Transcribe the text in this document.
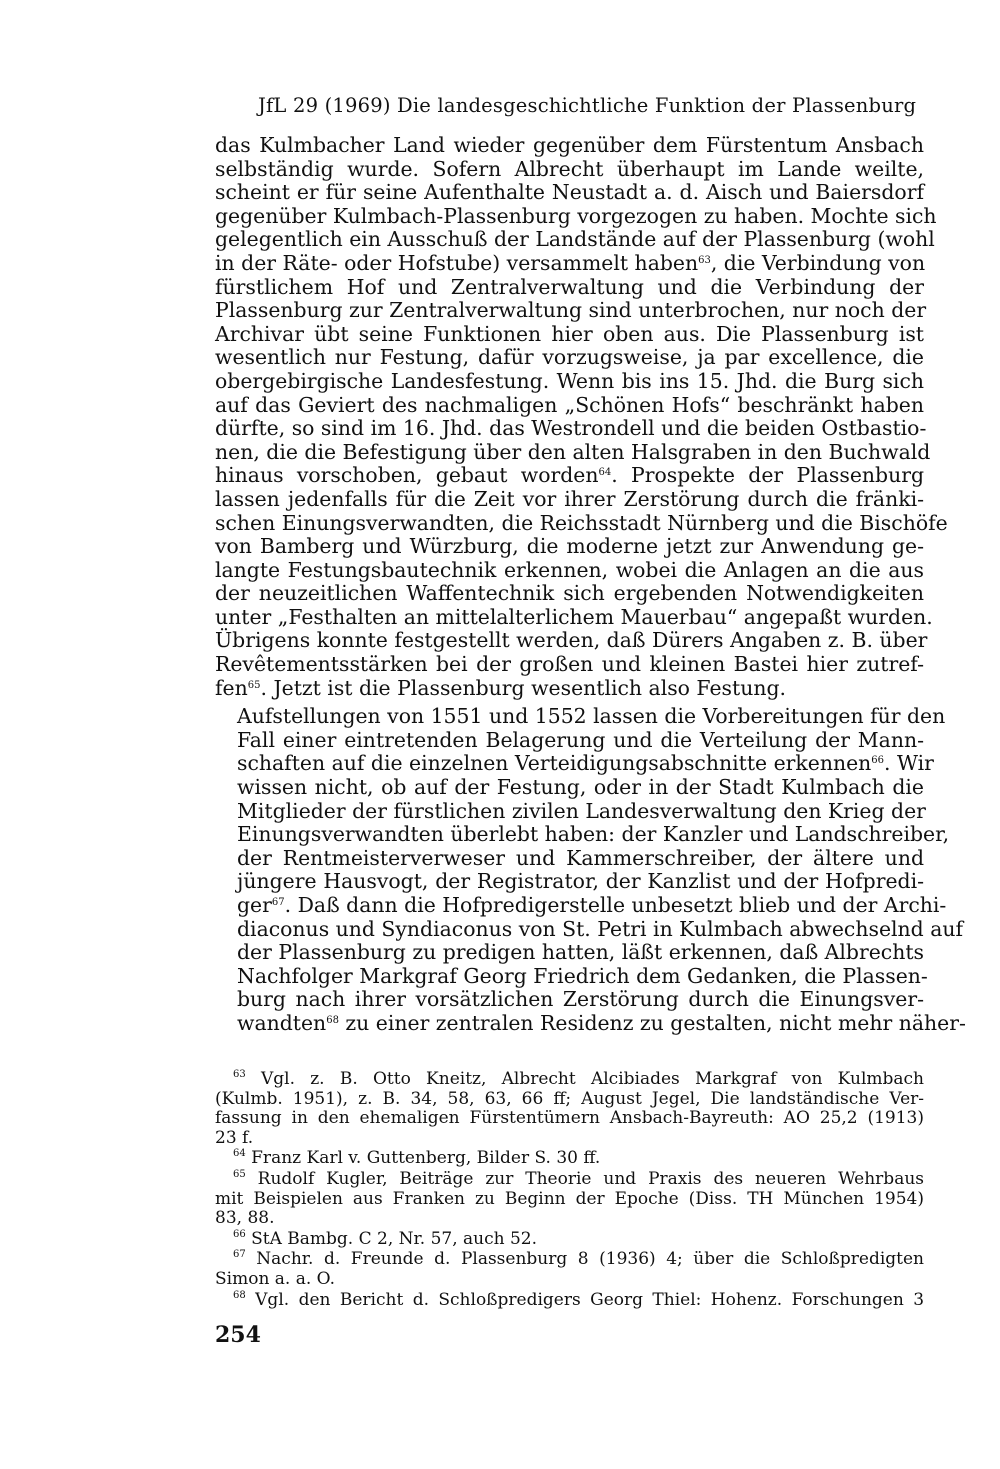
JfL 29 (1969) Die landesgeschichtliche Funktion der Plassenburg

das Kulmbacher Land wieder gegenüber dem Fürstentum Ansbach
selbständig wurde. Sofern Albrecht überhaupt im Lande weilte,
scheint er für seine Aufenthalte Neustadt a. d. Aisch und Baiersdorf
gegenüber Kulmbach-Plassenburg vorgezogen zu haben. Mochte sich
gelegentlich ein Ausschuß der Landstände auf der Plassenburg (wohl
in der Räte- oder Hofstube) versammelt haben$^{63}$, die Verbindung von
fürstlichem Hof und Zentralverwaltung und die Verbindung der
Plassenburg zur Zentralverwaltung sind unterbrochen, nur noch der
Archivar übt seine Funktionen hier oben aus. Die Plassenburg ist
wesentlich nur Festung, dafür vorzugsweise, ja par excellence, die
obergebirgische Landesfestung. Wenn bis ins 15. Jhd. die Burg sich
auf das Geviert des nachmaligen „Schönen Hofs“ beschränkt haben
dürfte, so sind im 16. Jhd. das Westrondell und die beiden Ostbastio-
nen, die die Befestigung über den alten Halsgraben in den Buchwald
hinaus vorschoben, gebaut worden$^{64}$. Prospekte der Plassenburg
lassen jedenfalls für die Zeit vor ihrer Zerstörung durch die fränki-
schen Einungsverwandten, die Reichsstadt Nürnberg und die Bischöfe
von Bamberg und Würzburg, die moderne jetzt zur Anwendung ge-
langte Festungsbautechnik erkennen, wobei die Anlagen an die aus
der neuzeitlichen Waffentechnik sich ergebenden Notwendigkeiten
unter „Festhalten an mittelalterlichem Mauerbau“ angepaßt wurden.
Übrigens konnte festgestellt werden, daß Dürers Angaben z. B. über
Revêtementsstärken bei der großen und kleinen Bastei hier zutref-
fen$^{65}$. Jetzt ist die Plassenburg wesentlich also Festung.

Aufstellungen von 1551 und 1552 lassen die Vorbereitungen für den
Fall einer eintretenden Belagerung und die Verteilung der Mann-
schaften auf die einzelnen Verteidigungsabschnitte erkennen$^{66}$. Wir
wissen nicht, ob auf der Festung, oder in der Stadt Kulmbach die
Mitglieder der fürstlichen zivilen Landesverwaltung den Krieg der
Einungsverwandten überlebt haben: der Kanzler und Landschreiber,
der Rentmeisterverweser und Kammerschreiber, der ältere und
jüngere Hausvogt, der Registrator, der Kanzlist und der Hofpredi-
ger$^{67}$. Daß dann die Hofpredigerstelle unbesetzt blieb und der Archi-
diaconus und Syndiaconus von St. Petri in Kulmbach abwechselnd auf
der Plassenburg zu predigen hatten, läßt erkennen, daß Albrechts
Nachfolger Markgraf Georg Friedrich dem Gedanken, die Plassen-
burg nach ihrer vorsätzlichen Zerstörung durch die Einungsver-
wandten$^{68}$ zu einer zentralen Residenz zu gestalten, nicht mehr näher-

$^{63}$ Vgl. z. B. Otto Kneitz, Albrecht Alcibiades Markgraf von Kulmbach
(Kulmb. 1951), z. B. 34, 58, 63, 66 ff; August Jegel, Die landständische Ver-
fassung in den ehemaligen Fürstentümern Ansbach-Bayreuth: AO 25,2 (1913)
23 f.
$^{64}$ Franz Karl v. Guttenberg, Bilder S. 30 ff.
$^{65}$ Rudolf Kugler, Beiträge zur Theorie und Praxis des neueren Wehrbaus
mit Beispielen aus Franken zu Beginn der Epoche (Diss. TH München 1954)
83, 88.
$^{66}$ StA Bambg. C 2, Nr. 57, auch 52.
$^{67}$ Nachr. d. Freunde d. Plassenburg 8 (1936) 4; über die Schloßpredigten
Simon a. a. O.
$^{68}$ Vgl. den Bericht d. Schloßpredigers Georg Thiel: Hohenz. Forschungen 3
254
